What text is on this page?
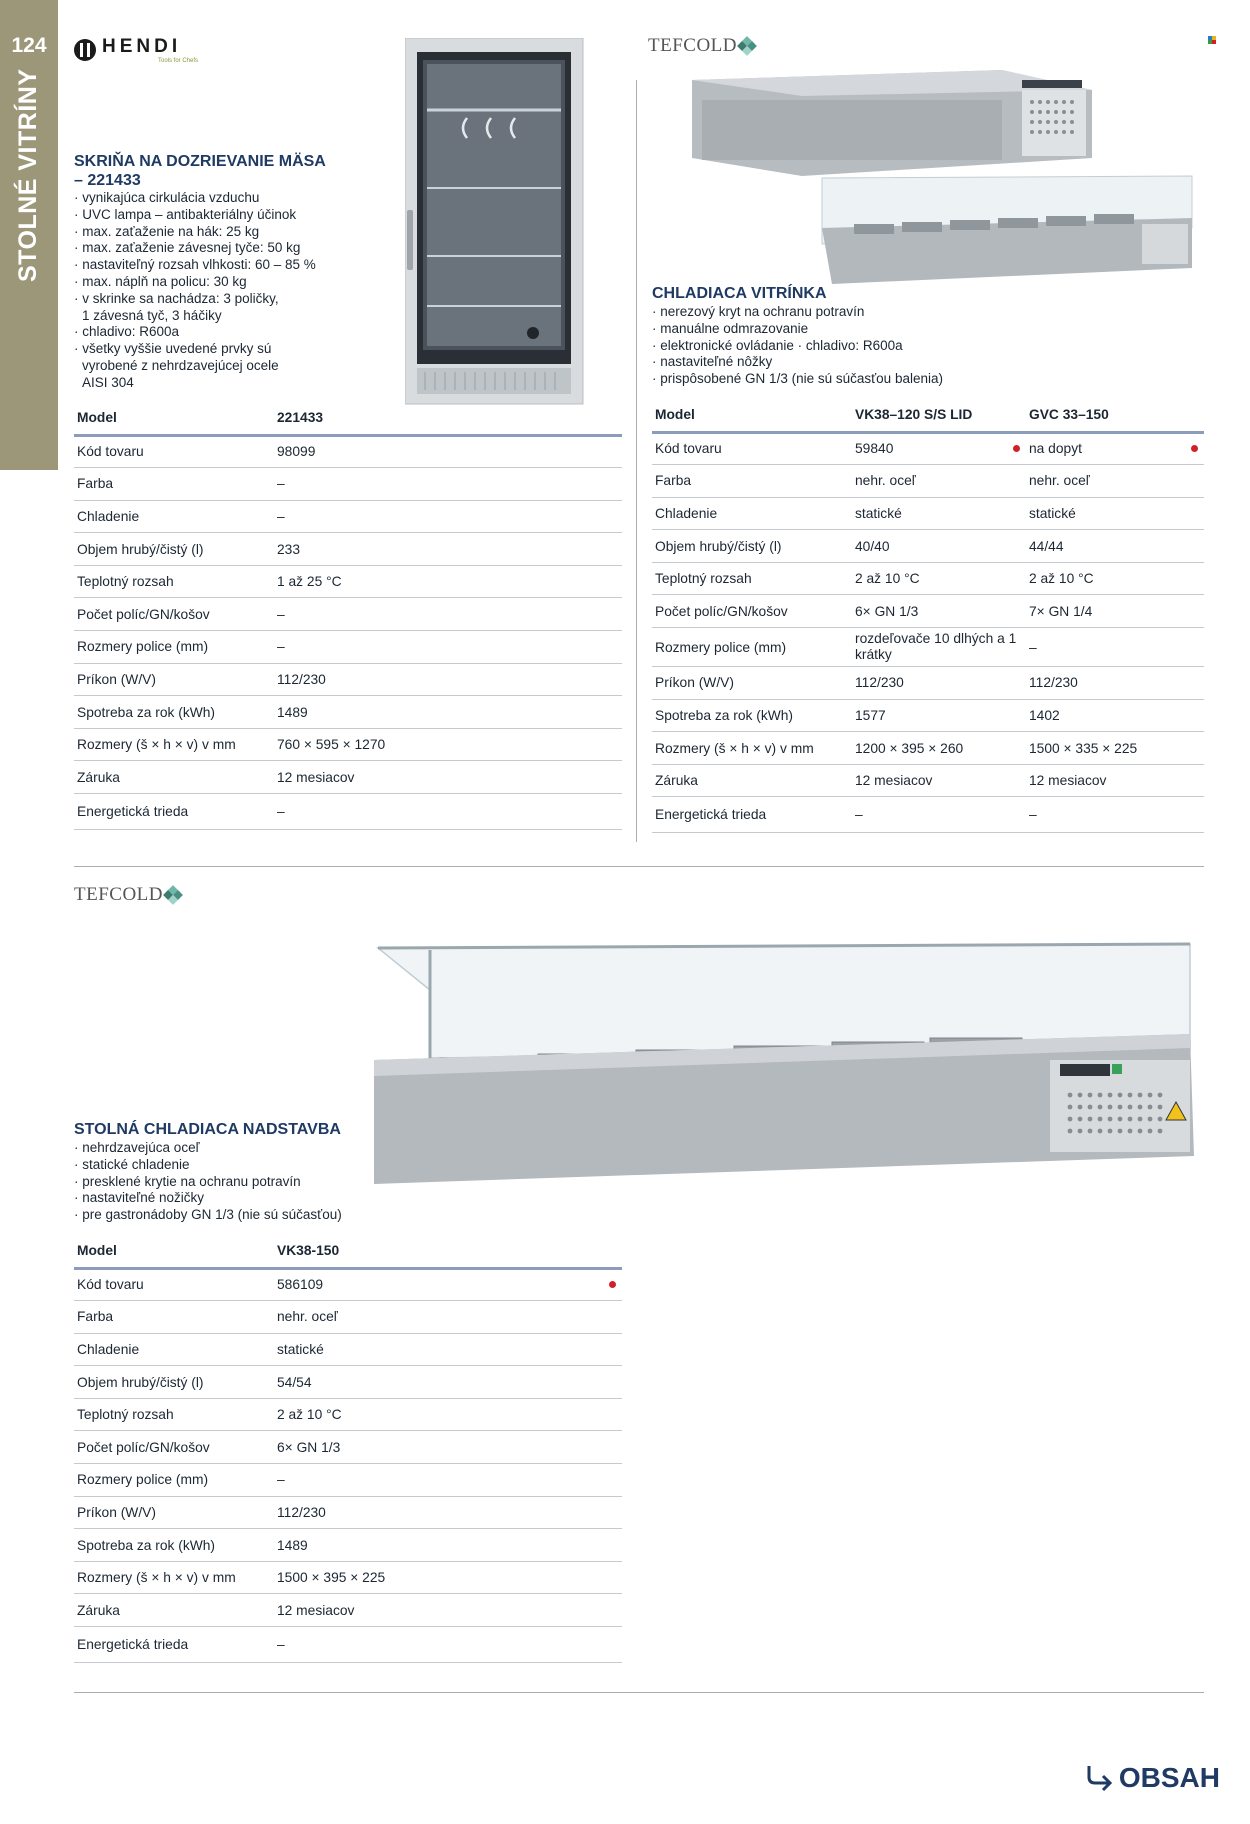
124
STOLNÉ VITRÍNY
HENDI
Tools for Chefs
SKRIŇA NA DOZRIEVANIE MÄSA
– 221433
· vynikajúca cirkulácia vzduchu
· UVC lampa – antibakteriálny účinok
· max. zaťaženie na hák: 25 kg
· max. zaťaženie závesnej tyče: 50 kg
· nastaviteľný rozsah vlhkosti: 60 – 85 %
· max. náplň na policu: 30 kg
· v skrinke sa nachádza: 3 poličky,
1 závesná tyč, 3 háčiky
· chladivo: R600a
· všetky vyššie uvedené prvky sú
vyrobené z nehrdzavejúcej ocele
AISI 304
Model	221433
Kód tovaru	98099
Farba	–
Chladenie	–
Objem hrubý/čistý (l)	233
Teplotný rozsah	1 až 25 °C
Počet políc/GN/košov	–
Rozmery police (mm)	–
Príkon (W/V)	112/230
Spotreba za rok (kWh)	1489
Rozmery (š × h × v) v mm	760 × 595 × 1270
Záruka	12 mesiacov
Energetická trieda	–
TEFCOLD
CHLADIACA VITRÍNKA
· nerezový kryt na ochranu potravín
· manuálne odmrazovanie
· elektronické ovládanie · chladivo: R600a
· nastaviteľné nôžky
· prispôsobené GN 1/3 (nie sú súčasťou balenia)
Model	VK38–120 S/S LID	GVC 33–150
Kód tovaru	59840	na dopyt

Farba	nehr. oceľ	nehr. oceľ
Chladenie	statické	statické
Objem hrubý/čistý (l)	40/40	44/44
Teplotný rozsah	2 až 10 °C	2 až 10 °C
Počet políc/GN/košov	6× GN 1/3	7× GN 1/4
Rozmery police (mm)	rozdeľovače 10 dlhých a 1 krátky	–
Príkon (W/V)	112/230	112/230
Spotreba za rok (kWh)	1577	1402
Rozmery (š × h × v) v mm	1200 × 395 × 260	1500 × 335 × 225
Záruka	12 mesiacov	12 mesiacov
Energetická trieda	–	–
TEFCOLD
STOLNÁ CHLADIACA NADSTAVBA
· nehrdzavejúca oceľ
· statické chladenie
· presklené krytie na ochranu potravín
· nastaviteľné nožičky
· pre gastronádoby GN 1/3 (nie sú súčasťou)
Model	VK38-150
Kód tovaru	586109

Farba	nehr. oceľ
Chladenie	statické
Objem hrubý/čistý (l)	54/54
Teplotný rozsah	2 až 10 °C
Počet políc/GN/košov	6× GN 1/3
Rozmery police (mm)	–
Príkon (W/V)	112/230
Spotreba za rok (kWh)	1489
Rozmery (š × h × v) v mm	1500 × 395 × 225
Záruka	12 mesiacov
Energetická trieda	–
OBSAH
